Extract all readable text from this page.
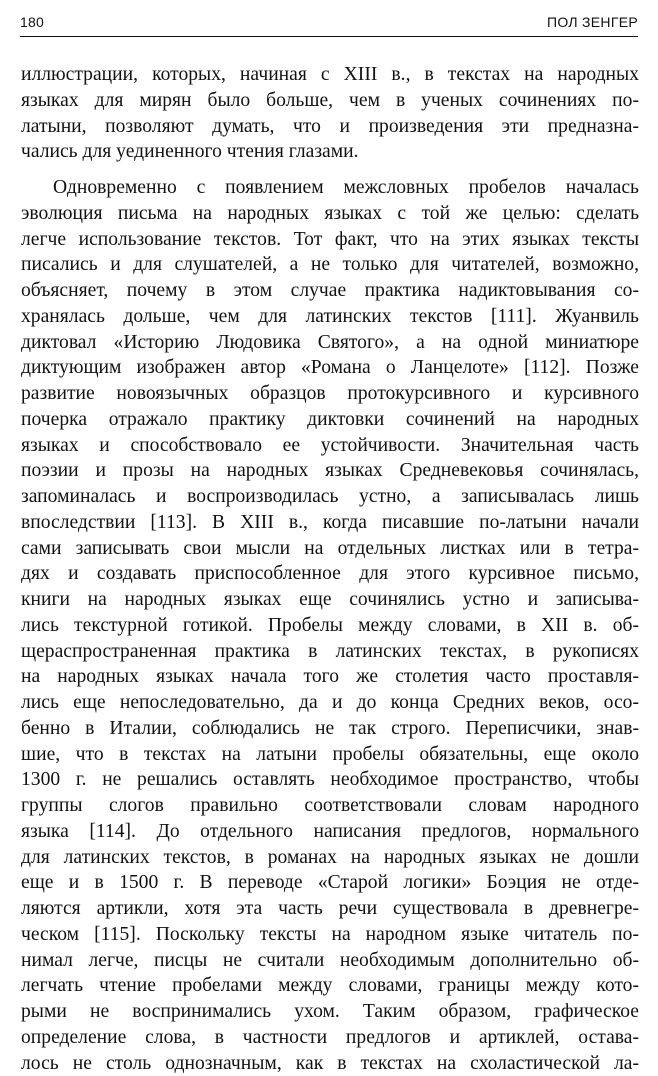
180	ПОЛ ЗЕНГЕР
иллюстрации, которых, начиная с XIII в., в текстах на народных
языках для мирян было больше, чем в ученых сочинениях по-
латыни, позволяют думать, что и произведения эти предназна-
чались для уединенного чтения глазами.
Одновременно с появлением межсловных пробелов началась
эволюция письма на народных языках с той же целью: сделать
легче использование текстов. Тот факт, что на этих языках тексты
писались и для слушателей, а не только для читателей, возможно,
объясняет, почему в этом случае практика надиктовывания со-
хранялась дольше, чем для латинских текстов [111]. Жуанвиль
диктовал «Историю Людовика Святого», а на одной миниатюре
диктующим изображен автор «Романа о Ланцелоте» [112]. Позже
развитие новоязычных образцов протокурсивного и курсивного
почерка отражало практику диктовки сочинений на народных
языках и способствовало ее устойчивости. Значительная часть
поэзии и прозы на народных языках Средневековья сочинялась,
запоминалась и воспроизводилась устно, а записывалась лишь
впоследствии [113]. В XIII в., когда писавшие по-латыни начали
сами записывать свои мысли на отдельных листках или в тетра-
дях и создавать приспособленное для этого курсивное письмо,
книги на народных языках еще сочинялись устно и записыва-
лись текстурной готикой. Пробелы между словами, в XII в. об-
щераспространенная практика в латинских текстах, в рукописях
на народных языках начала того же столетия часто проставля-
лись еще непоследовательно, да и до конца Средних веков, осо-
бенно в Италии, соблюдались не так строго. Переписчики, знав-
шие, что в текстах на латыни пробелы обязательны, еще около
1300 г. не решались оставлять необходимое пространство, чтобы
группы слогов правильно соответствовали словам народного
языка [114]. До отдельного написания предлогов, нормального
для латинских текстов, в романах на народных языках не дошли
еще и в 1500 г. В переводе «Старой логики» Боэция не отде-
ляются артикли, хотя эта часть речи существовала в древнегре-
ческом [115]. Поскольку тексты на народном языке читатель по-
нимал легче, писцы не считали необходимым дополнительно об-
легчать чтение пробелами между словами, границы между кото-
рыми не воспринимались ухом. Таким образом, графическое
определение слова, в частности предлогов и артиклей, остава-
лось не столь однозначным, как в текстах на схоластической ла-
